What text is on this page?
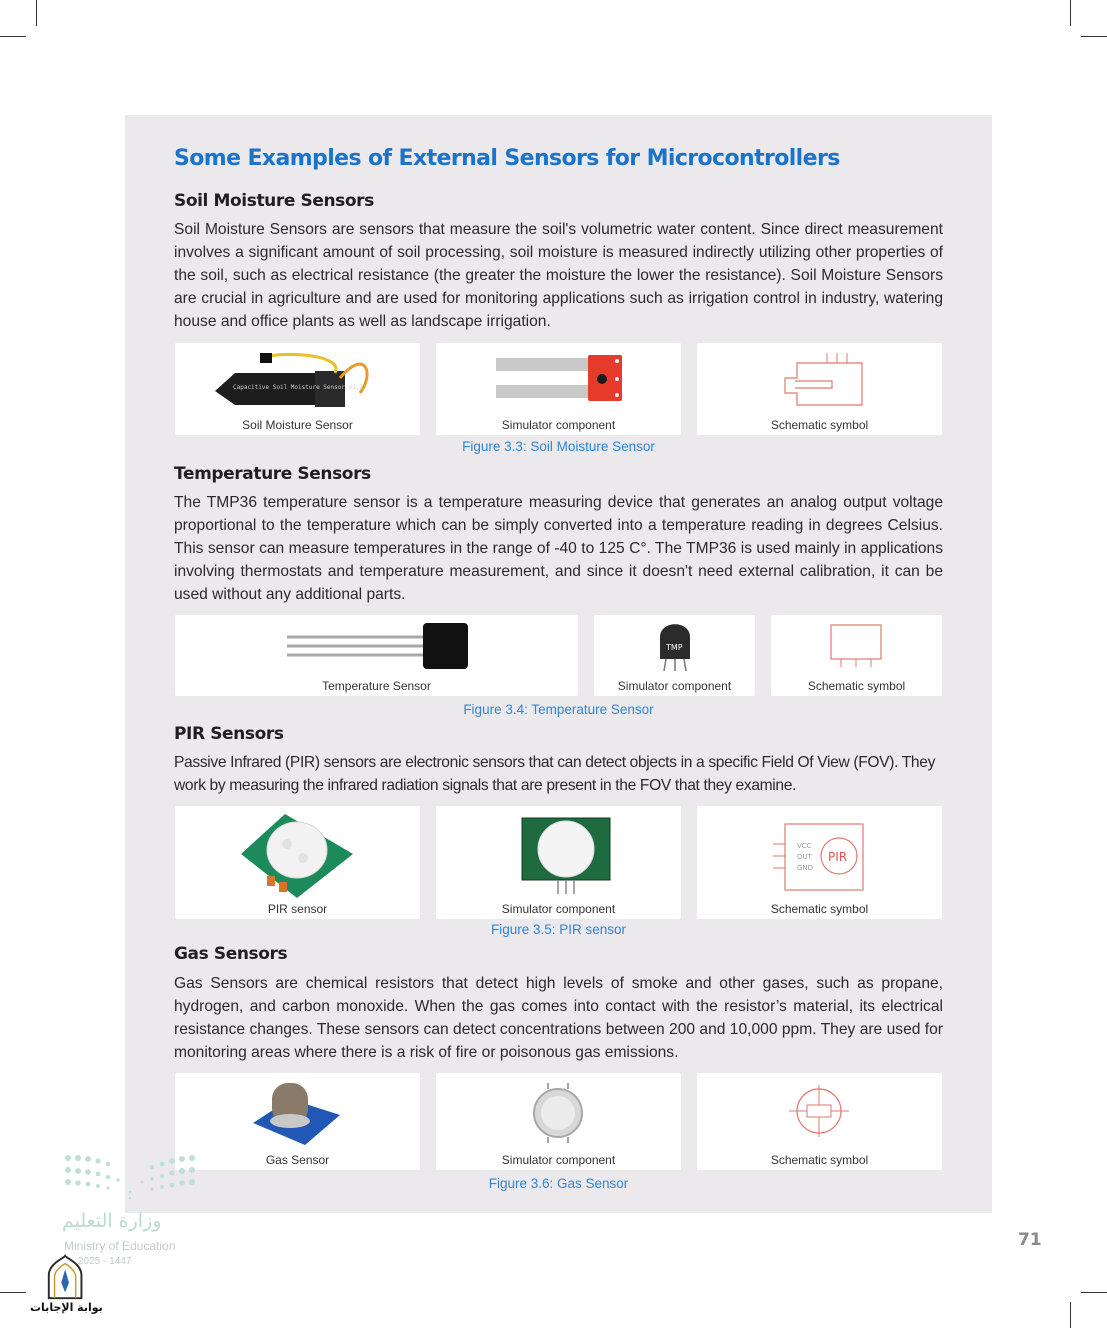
Some Examples of External Sensors for Microcontrollers
Soil Moisture Sensors
Soil Moisture Sensors are sensors that measure the soil's volumetric water content. Since direct measurement involves a significant amount of soil processing, soil moisture is measured indirectly utilizing other properties of the soil, such as electrical resistance (the greater the moisture the lower the resistance). Soil Moisture Sensors are crucial in agriculture and are used for monitoring applications such as irrigation control in industry, watering house and office plants as well as landscape irrigation.
Capacitive Soil Moisture Sensor v1.2
Soil Moisture Sensor	Simulator component	Schematic symbol
Figure 3.3: Soil Moisture Sensor
Temperature Sensors
The TMP36 temperature sensor is a temperature measuring device that generates an analog output voltage proportional to the temperature which can be simply converted into a temperature reading in degrees Celsius. This sensor can measure temperatures in the range of -40 to 125 C°. The TMP36 is used mainly in applications involving thermostats and temperature measurement, and since it doesn't need external calibration, it can be used without any additional parts.
Temperature Sensor
TMP
Simulator component	Schematic symbol
Figure 3.4: Temperature Sensor
PIR Sensors
Passive Infrared (PIR) sensors are electronic sensors that can detect objects in a specific Field Of View (FOV). They work by measuring the infrared radiation signals that are present in the FOV that they examine.
PIR sensor	Simulator component
VCC
OUT
GND
PIR
Schematic symbol
Figure 3.5: PIR sensor
Gas Sensors
Gas Sensors are chemical resistors that detect high levels of smoke and other gases, such as propane, hydrogen, and carbon monoxide. When the gas comes into contact with the resistor’s material, its electrical resistance changes. These sensors can detect concentrations between 200 and 10,000 ppm. They are used for monitoring areas where there is a risk of fire or poisonous gas emissions.
Gas Sensor	Simulator component	Schematic symbol
Figure 3.6: Gas Sensor
71
وزارة التعليم
Ministry of Education
2025 - 1447
بوابة الإجابات
